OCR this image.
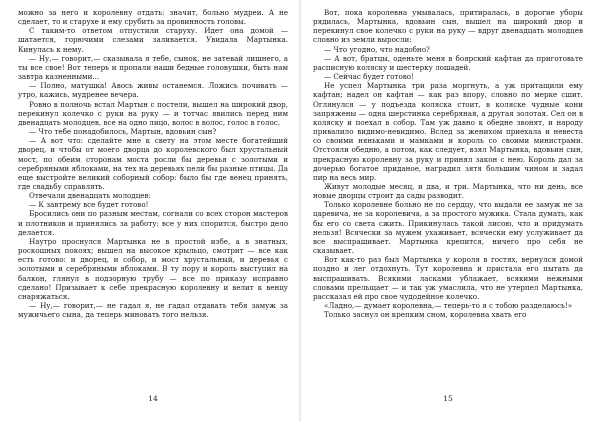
можно за него и королевну отдать: значит, больно мудреи. А не сделает, то и старухе и ему срубить за провинность головы.

С таким-то ответом отпустили старуху. Идет она домой — шатается, горючими слезами заливается. Увидала Мартынка. Кинулась к нему.

— Ну,— говорит,— сказывала я тебе, сынок, не затевай лишнего, а ты все свое! Вот теперь и пропали наши бедные головушки, быть нам завтра казненными...

— Полно, матушка! Авось живы останемся. Ложись почивать — утро, кажись, мудренее вечера.

Ровно в полночь встал Мартын с постели, вышел на широкий двор, перекинул колечко с руки на руку — и тотчас явились перед ним двенадцать молодцев, все на одно лицо, волос в волос, голос в голос.

— Что тебе понадобилось, Мартын, вдовьин сын?

— А вот что: сделайте мне к свету на этом месте богатейший дворец, и чтобы от моего дворца до королевского был хрустальный мост, по обеим сторонам моста росли бы деревья с золотыми и серебряными яблоками, на тех на деревьях пели бы разные птицы. Да еще выстройте великий соборный собор: было бы где венец принять, где свадьбу справлять.

Отвечали двенадцать молодцев:

— К завтрему все будет готово!

Бросились они по разным местам, согнали со всех сторон мастеров и плотников и принялись за работу: все у них спорится, быстро дело делается.

Наутро проснулся Мартынка не в простой избе, а в знатных, роскошных покоях; вышел на высокое крыльцо, смотрит — все как есть готово: и дворец, и собор, и мост хрустальный, и деревья с золотыми и серебряными яблоками. В ту пору и король выступил на балкон, глянул в подзорную трубу — все по приказу исправно сделано! Призывает к себе прекрасную королевну и велит к венцу снаряжаться.

— Ну,— говорит,— не гадал я, не гадал отдавать тебя замуж за мужичьего сына, да теперь миновать того нельзя.

14

Вот, пока королевна умывалась, притиралась, в дорогие уборы рядилась, Мартынка, вдовьин сын, вышел на широкий двор и перекинул свое колечко с руки на руку — вдруг двенадцать молодцев словно из земли выросли:

— Что угодно, что надобно?

— А вот, братцы, оденьте меня в боярский кафтан да приготовьте расписную коляску и шестерку лошадей.

— Сейчас будет готово!

Не успел Мартынка три раза моргнуть, а уж притащили ему кафтан; надел он кафтан — как раз впору, словно по мерке сшит. Оглянулся — у подъезда коляска стоит, в коляске чудные кони запряжены — одна шерстинка серебряная, а другая золотая. Сел он в коляску и поехал в собор. Там уж давно к обедне звонят, и народу привалило видимо-невидимо. Вслед за женихом приехала и невеста со своими няньками и мамками и король со своими министрами. Отстояли обедню, а потом, как следует, взял Мартынка, вдовьин сын, прекрасную королевну за руку и принял закон с нею. Король дал за дочерью богатое приданое, наградил зятя большим чином и задал пир на весь мир.

Живут молодые месяц, и два, и три. Мартынка, что ни день, все новые дворцы строит да сады разводит.

Только королевне больно не по сердцу, что выдали ее замуж не за царевича, не за королевича, а за простого мужика. Стала думать, как бы его со света сжить. Прикинулась такой лисою, что и придумать нельзя! Всячески за мужем ухаживает, всячески ему услуживает да все выспрашивает. Мартынка крепится, ничего про себя не сказывает.

Вот как-то раз был Мартынка у короля в гостях, вернулся домой поздно и лег отдохнуть. Тут королевна и пристала его пытать да выспрашивать. Всякими ласками ублажает, всякими нежными словами прельщает — и так уж умаслила, что не утерпел Мартынка, рассказал ей про свое чудодейное колечко.

«Ладно,— думает королевна,— теперь-то я с тобою разделаюсь!»

Только заснул он крепким сном, королевна хвать его

15
